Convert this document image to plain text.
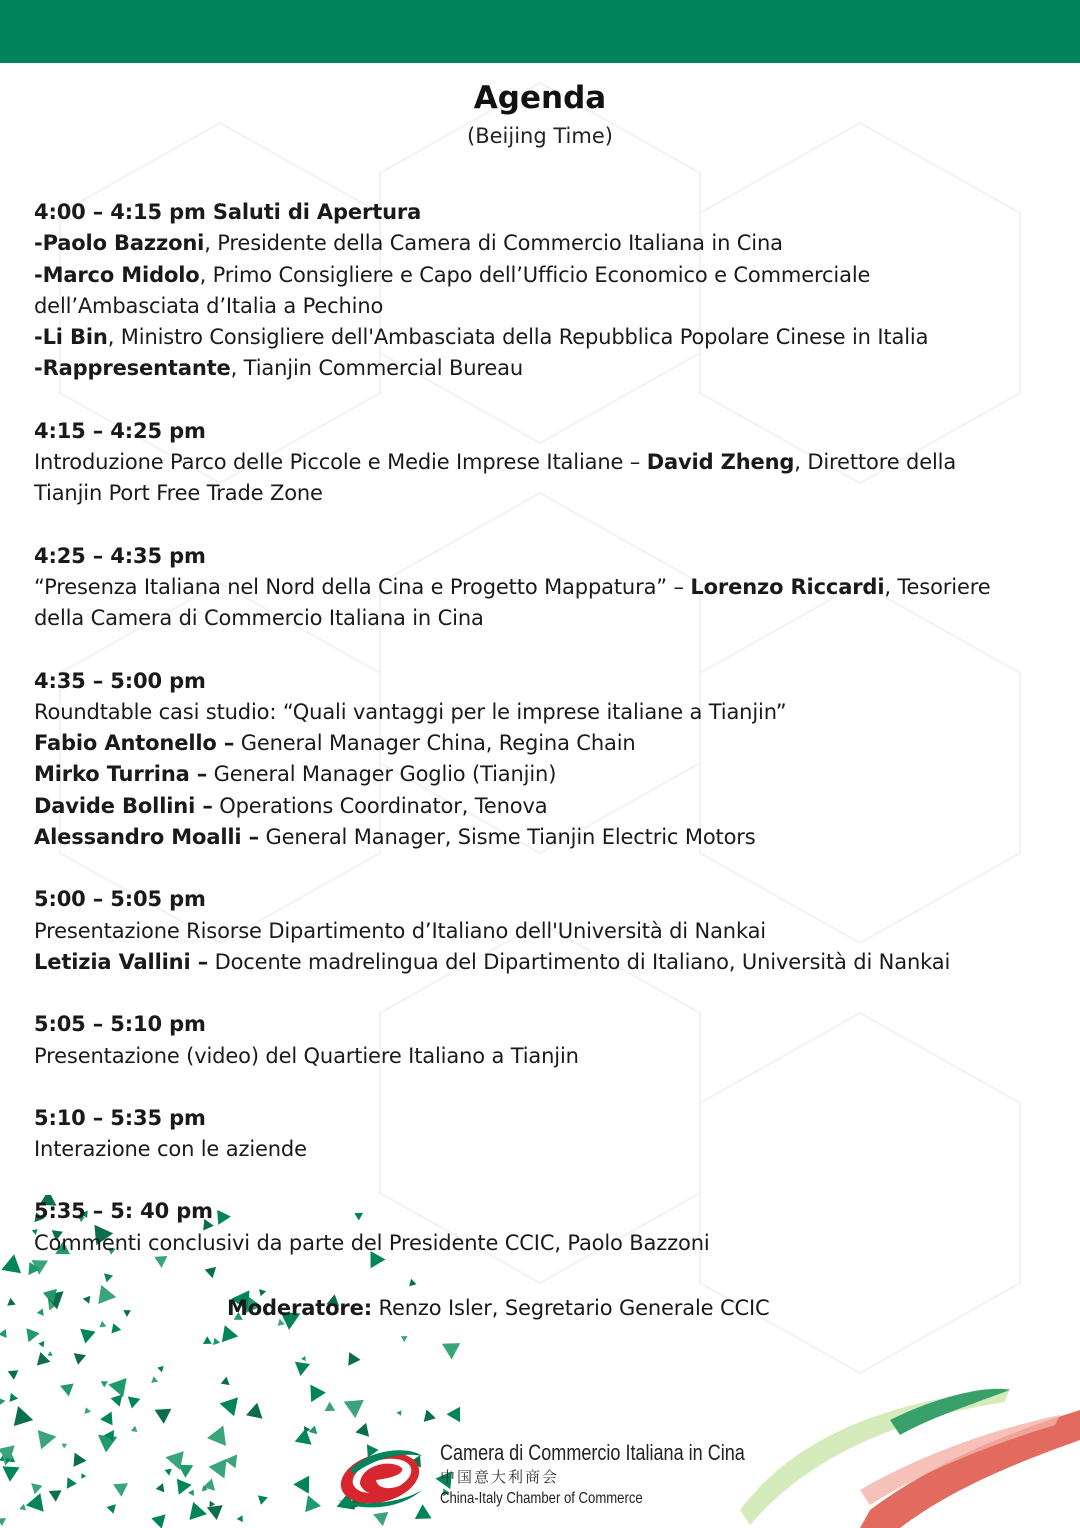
Agenda
(Beijing Time)
4:00 – 4:15 pm Saluti di Apertura
-Paolo Bazzoni, Presidente della Camera di Commercio Italiana in Cina
-Marco Midolo, Primo Consigliere e Capo dell’Ufficio Economico e Commerciale
dell’Ambasciata d’Italia a Pechino
-Li Bin, Ministro Consigliere dell'Ambasciata della Repubblica Popolare Cinese in Italia
-Rappresentante, Tianjin Commercial Bureau
4:15 – 4:25 pm
Introduzione Parco delle Piccole e Medie Imprese Italiane – David Zheng, Direttore della
Tianjin Port Free Trade Zone
4:25 – 4:35 pm
“Presenza Italiana nel Nord della Cina e Progetto Mappatura” – Lorenzo Riccardi, Tesoriere
della Camera di Commercio Italiana in Cina
4:35 – 5:00 pm
Roundtable casi studio: “Quali vantaggi per le imprese italiane a Tianjin”
Fabio Antonello – General Manager China, Regina Chain
Mirko Turrina – General Manager Goglio (Tianjin)
Davide Bollini – Operations Coordinator, Tenova
Alessandro Moalli – General Manager, Sisme Tianjin Electric Motors
5:00 – 5:05 pm
Presentazione Risorse Dipartimento d’Italiano dell'Università di Nankai
Letizia Vallini – Docente madrelingua del Dipartimento di Italiano, Università di Nankai
5:05 – 5:10 pm
Presentazione (video) del Quartiere Italiano a Tianjin
5:10 – 5:35 pm
Interazione con le aziende
5:35 – 5: 40 pm
Commenti conclusivi da parte del Presidente CCIC, Paolo Bazzoni
Moderatore: Renzo Isler, Segretario Generale CCIC
Camera di Commercio Italiana in Cina
中国意大利商会
China-Italy Chamber of Commerce
